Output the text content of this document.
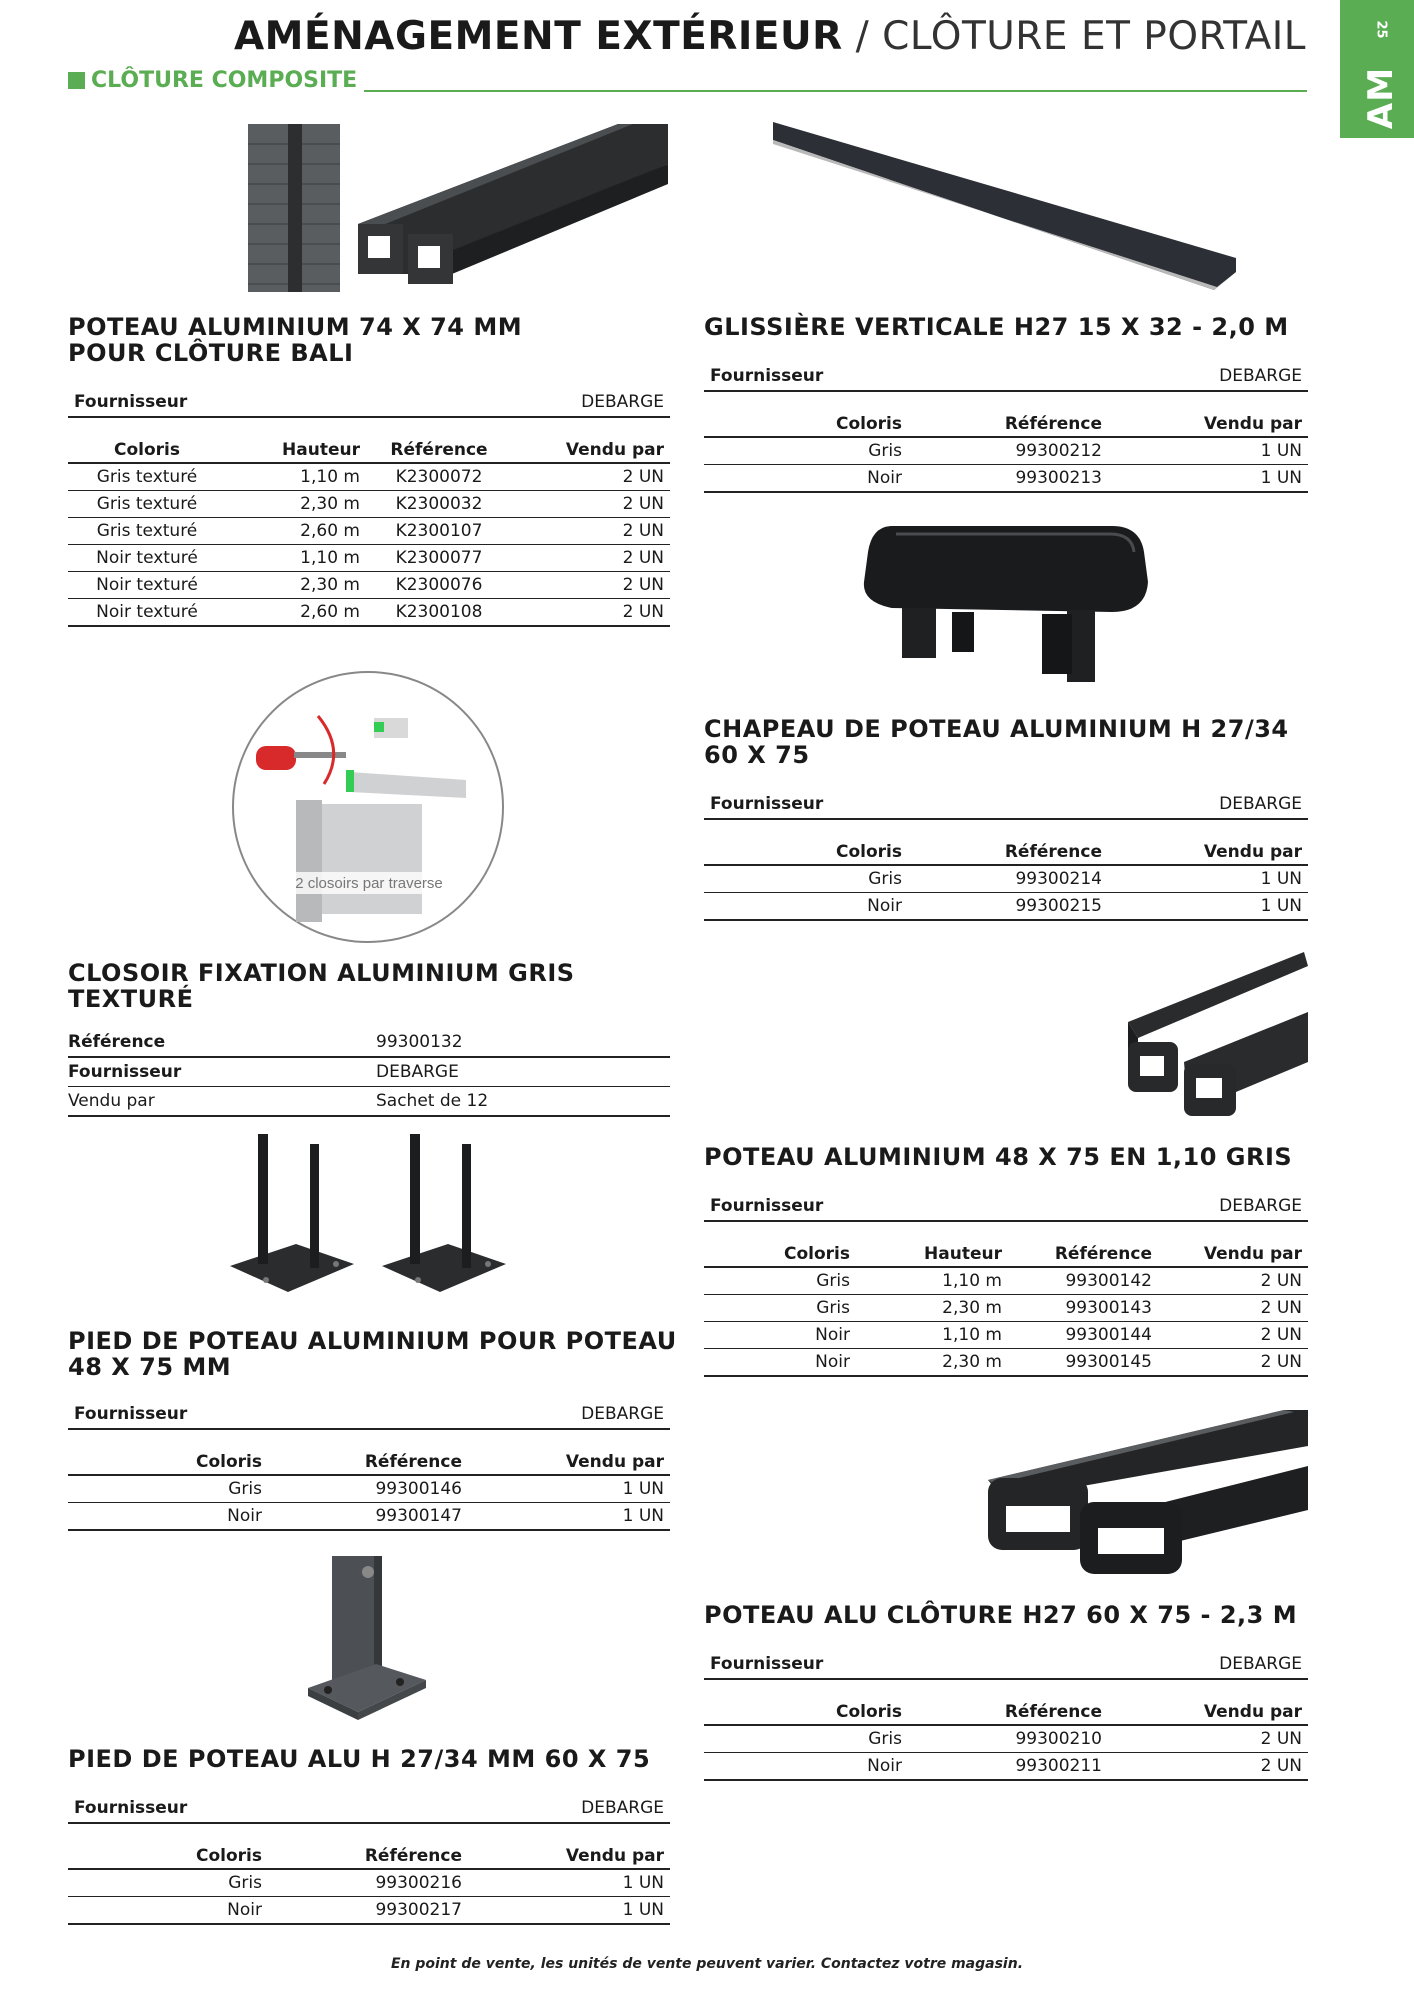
AMÉNAGEMENT EXTÉRIEUR / CLÔTURE ET PORTAIL
CLÔTURE COMPOSITE
25
AM
POTEAU ALUMINIUM 74 X 74 MM
POUR CLÔTURE BALI
Fournisseur	DEBARGE
Coloris	Hauteur	Référence	Vendu par
Gris texturé	1,10 m	K2300072	2 UN
Gris texturé	2,30 m	K2300032	2 UN
Gris texturé	2,60 m	K2300107	2 UN
Noir texturé	1,10 m	K2300077	2 UN
Noir texturé	2,30 m	K2300076	2 UN
Noir texturé	2,60 m	K2300108	2 UN
GLISSIÈRE VERTICALE H27 15 X 32 - 2,0 M
Fournisseur	DEBARGE
Coloris	Référence	Vendu par
Gris	99300212	1 UN
Noir	99300213	1 UN
CHAPEAU DE POTEAU ALUMINIUM H 27/34
60 X 75
Fournisseur	DEBARGE
Coloris	Référence	Vendu par
Gris	99300214	1 UN
Noir	99300215	1 UN
2 closoirs par traverse
CLOSOIR FIXATION ALUMINIUM GRIS TEXTURÉ
Référence	99300132
Fournisseur	DEBARGE
Vendu par	Sachet de 12
POTEAU ALUMINIUM 48 X 75 EN 1,10 GRIS
Fournisseur	DEBARGE
Coloris	Hauteur	Référence	Vendu par
Gris	1,10 m	99300142	2 UN
Gris	2,30 m	99300143	2 UN
Noir	1,10 m	99300144	2 UN
Noir	2,30 m	99300145	2 UN
PIED DE POTEAU ALUMINIUM POUR POTEAU
48 X 75 MM
Fournisseur	DEBARGE
Coloris	Référence	Vendu par
Gris	99300146	1 UN
Noir	99300147	1 UN
POTEAU ALU CLÔTURE H27 60 X 75 - 2,3 M
Fournisseur	DEBARGE
Coloris	Référence	Vendu par
Gris	99300210	2 UN
Noir	99300211	2 UN
PIED DE POTEAU ALU H 27/34 MM 60 X 75
Fournisseur	DEBARGE
Coloris	Référence	Vendu par
Gris	99300216	1 UN
Noir	99300217	1 UN
En point de vente, les unités de vente peuvent varier. Contactez votre magasin.
